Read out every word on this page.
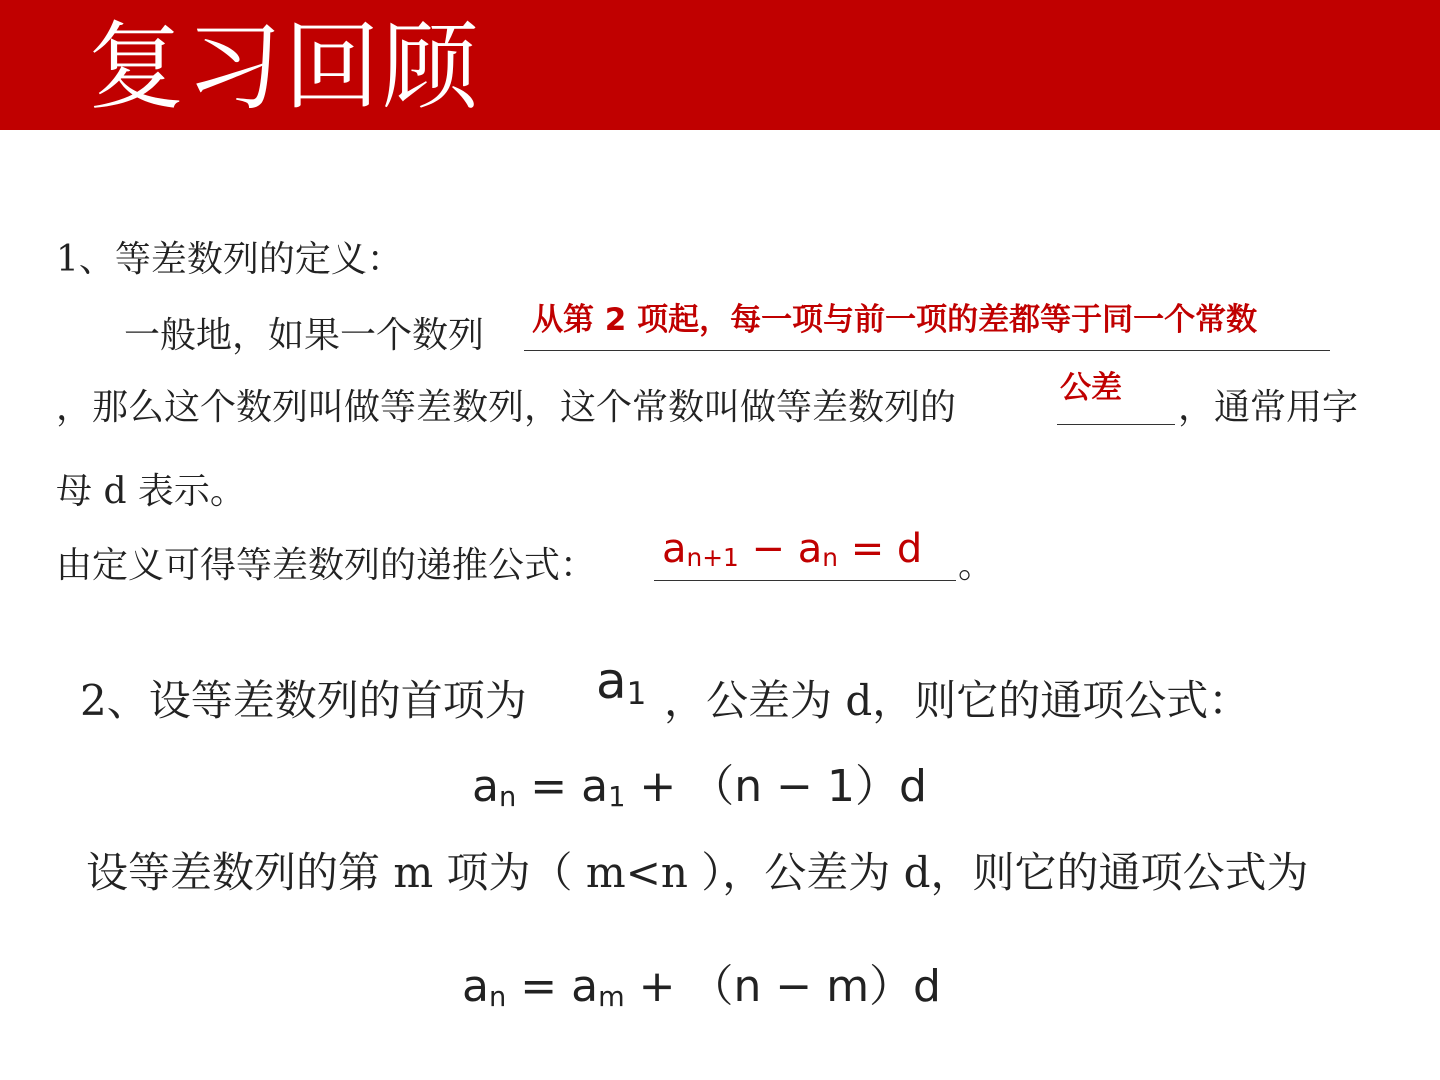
复习回顾
1、等差数列的定义：
一般地，如果一个数列 从第 2 项起，每一项与前一项的差都等于同一个常数
，那么这个数列叫做等差数列，这个常数叫做等差数列的	公差 ，通常用字
母 d 表示。
由定义可得等差数列的递推公式： $a_{n+1} - a_n = d$ 。
2、设等差数列的首项为 $a_1$ ，公差为 d，则它的通项公式：
$a_n = a_1 + (n - 1)d$
设等差数列的第 m 项为（ m<n ），公差为 d，则它的通项公式为
$a_n = a_m + (n - m)d$
